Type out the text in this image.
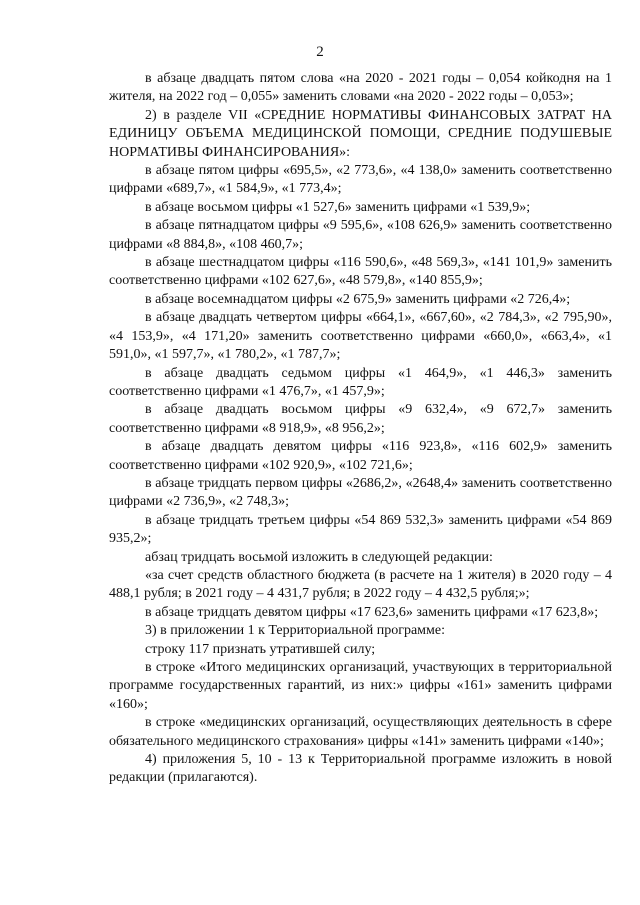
2

в абзаце двадцать пятом слова «на 2020 - 2021 годы – 0,054 койкодня на 1 жителя, на 2022 год – 0,055» заменить словами «на 2020 - 2022 годы – 0,053»;

2) в разделе VII «СРЕДНИЕ НОРМАТИВЫ ФИНАНСОВЫХ ЗАТРАТ НА ЕДИНИЦУ ОБЪЕМА МЕДИЦИНСКОЙ ПОМОЩИ, СРЕДНИЕ ПОДУШЕВЫЕ НОРМАТИВЫ ФИНАНСИРОВАНИЯ»:

в абзаце пятом цифры «695,5», «2 773,6», «4 138,0» заменить соответственно цифрами «689,7», «1 584,9», «1 773,4»;

в абзаце восьмом цифры «1 527,6» заменить цифрами «1 539,9»;

в абзаце пятнадцатом цифры «9 595,6», «108 626,9» заменить соответственно цифрами «8 884,8», «108 460,7»;

в абзаце шестнадцатом цифры «116 590,6», «48 569,3», «141 101,9» заменить соответственно цифрами «102 627,6», «48 579,8», «140 855,9»;

в абзаце восемнадцатом цифры «2 675,9» заменить цифрами «2 726,4»;

в абзаце двадцать четвертом цифры «664,1», «667,60», «2 784,3», «2 795,90», «4 153,9», «4 171,20» заменить соответственно цифрами «660,0», «663,4», «1 591,0», «1 597,7», «1 780,2», «1 787,7»;

в абзаце двадцать седьмом цифры «1 464,9», «1 446,3» заменить соответственно цифрами «1 476,7», «1 457,9»;

в абзаце двадцать восьмом цифры «9 632,4», «9 672,7» заменить соответственно цифрами «8 918,9», «8 956,2»;

в абзаце двадцать девятом цифры «116 923,8», «116 602,9» заменить соответственно цифрами «102 920,9», «102 721,6»;

в абзаце тридцать первом цифры «2686,2», «2648,4» заменить соответственно цифрами «2 736,9», «2 748,3»;

в абзаце тридцать третьем цифры «54 869 532,3» заменить цифрами «54 869 935,2»;

абзац тридцать восьмой изложить в следующей редакции:

«за счет средств областного бюджета (в расчете на 1 жителя) в 2020 году – 4 488,1 рубля; в 2021 году – 4 431,7 рубля; в 2022 году – 4 432,5 рубля;»;

в абзаце тридцать девятом цифры «17 623,6» заменить цифрами «17 623,8»;

3) в приложении 1 к Территориальной программе:

строку 117 признать утратившей силу;

в строке «Итого медицинских организаций, участвующих в территориальной программе государственных гарантий, из них:» цифры «161» заменить цифрами «160»;

в строке «медицинских организаций, осуществляющих деятельность в сфере обязательного медицинского страхования» цифры «141» заменить цифрами «140»;

4) приложения 5, 10 - 13 к Территориальной программе изложить в новой редакции (прилагаются).
